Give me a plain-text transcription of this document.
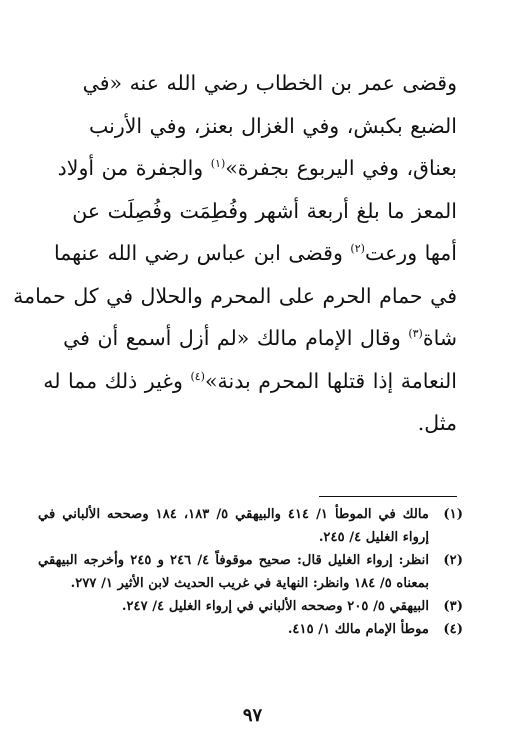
وقضى عمر بن الخطاب رضي الله عنه «في
الضبع بكبش، وفي الغزال بعنز، وفي الأرنب
بعناق، وفي اليربوع بجفرة»$^{(١)}$ والجفرة من أولاد
المعز ما بلغ أربعة أشهر وفُطِمَت وفُصِلَت عن
أمها ورعت$^{(٢)}$ وقضى ابن عباس رضي الله عنهما
في حمام الحرم على المحرم والحلال في كل حمامة
شاة$^{(٣)}$ وقال الإمام مالك «لم أزل أسمع أن في
النعامة إذا قتلها المحرم بدنة»$^{(٤)}$ وغير ذلك مما له
مثل.

(١)
مالك في الموطأ ١/ ٤١٤ والبيهقي ٥/ ١٨٣، ١٨٤ وصححه الألباني في إرواء الغليل ٤/ ٢٤٥.
(٢)
انظر: إرواء الغليل قال: صحيح موقوفاً ٤/ ٢٤٦ و ٢٤٥ وأخرجه البيهقي بمعناه ٥/ ١٨٤ وانظر: النهاية في غريب الحديث لابن الأثير ١/ ٢٧٧.
(٣)
البيهقي ٥/ ٢٠٥ وصححه الألباني في إرواء الغليل ٤/ ٢٤٧.
(٤)
موطأ الإمام مالك ١/ ٤١٥.
٩٧
